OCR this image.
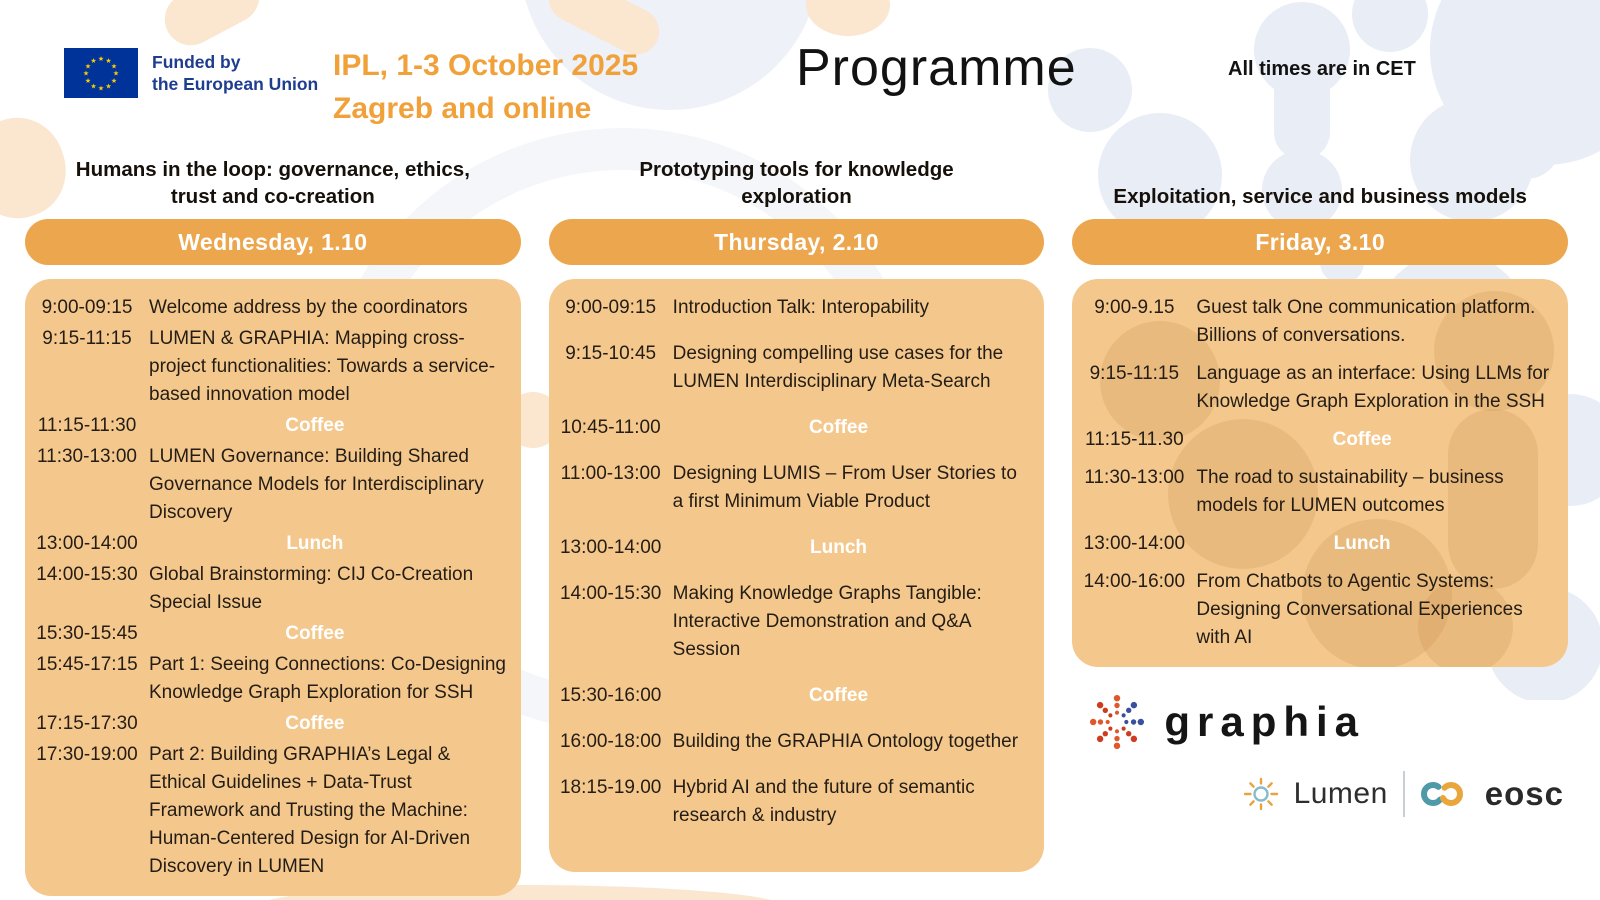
★ ★
★
★
★
★
★
★
★
★
★
★	Funded by
the European Union
IPL, 1-3 October 2025
Zagreb and online
Programme	All times are in CET
Humans in the loop: governance, ethics, trust and co-creation
Wednesday, 1.10
9:00-09:15 Welcome address by the coordinators
9:15-11:15 LUMEN & GRAPHIA: Mapping cross-project functionalities: Towards a service-based innovation model
11:15-11:30	Coffee
11:30-13:00 LUMEN Governance: Building Shared Governance Models for Interdisciplinary Discovery
13:00-14:00	Lunch
14:00-15:30 Global Brainstorming: CIJ Co-Creation Special Issue
15:30-15:45	Coffee
15:45-17:15 Part 1: Seeing Connections: Co-Designing Knowledge Graph Exploration for SSH
17:15-17:30	Coffee
17:30-19:00 Part 2: Building GRAPHIA’s Legal & Ethical Guidelines + Data-Trust Framework and Trusting the Machine: Human-Centered Design for AI-Driven Discovery in LUMEN
Prototyping tools for knowledge exploration
Thursday, 2.10
9:00-09:15 Introduction Talk: Interopability
9:15-10:45 Designing compelling use cases for the LUMEN Interdisciplinary Meta-Search
10:45-11:00	Coffee
11:00-13:00 Designing LUMIS – From User Stories to a first Minimum Viable Product
13:00-14:00	Lunch
14:00-15:30 Making Knowledge Graphs Tangible: Interactive Demonstration and Q&A Session
15:30-16:00	Coffee
16:00-18:00 Building the GRAPHIA Ontology together
18:15-19.00 Hybrid AI and the future of semantic research & industry
Exploitation, service and business models
Friday, 3.10
9:00-9.15	Guest talk One communication platform. Billions of conversations.
9:15-11:15 Language as an interface: Using LLMs for Knowledge Graph Exploration in the SSH
11:15-11.30	Coffee
11:30-13:00 The road to sustainability – business models for LUMEN outcomes
13:00-14:00	Lunch
14:00-16:00 From Chatbots to Agentic Systems: Designing Conversational Experiences with AI
graphia
Lumen	eosc
